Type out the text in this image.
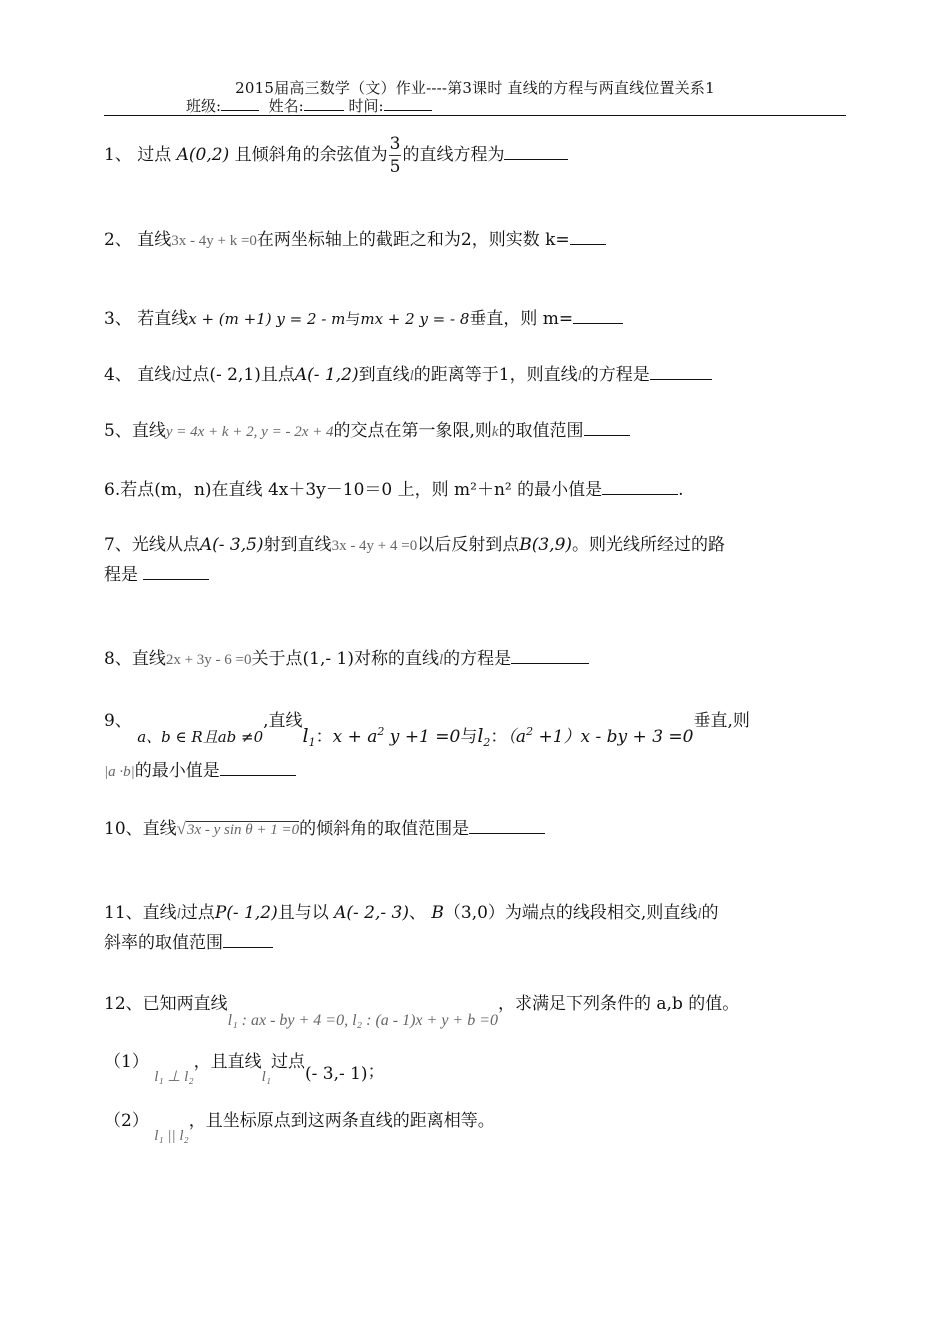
2015届高三数学（文）作业----第3课时 直线的方程与两直线位置关系1
班级:	姓名:	时间:
1、 过点 A(0,2) 且倾斜角的余弦值为 $\frac{3}{5}$ 的直线方程为
2、 直线3x - 4y + k =0在两坐标轴上的截距之和为2，则实数 k=
3、 若直线x + (m +1) y = 2 - m与mx + 2 y = - 8垂直，则 m=
4、 直线l过点(- 2,1)且点A(- 1,2)到直线l的距离等于1，则直线l的方程是
5、直线y = 4x + k + 2, y = - 2x + 4的交点在第一象限,则k的取值范围
6.若点(m，n)在直线 4x＋3y－10＝0 上，则 m²＋n² 的最小值是	.
7、光线从点A(- 3,5)射到直线3x - 4y + 4 =0以后反射到点B(3,9)。则光线所经过的路
程是
8、直线2x + 3y - 6 =0关于点(1,- 1)对称的直线l的方程是
9、 a、b ∈ R且ab ≠0,直线$l_1$：$x + a^2$ y +1 =0与$l_2$：$(a^2 +1)x$ - by + 3 =0垂直,则
|a ·b|的最小值是
10、直线√3x - y sin θ + 1 =0的倾斜角的取值范围是
11、直线l过点P(- 1,2)且与以 A(- 2,- 3)、 B（3,0）为端点的线段相交,则直线l的
斜率的取值范围
12、已知两直线l₁ : ax - by + 4 =0, l₂ : (a - 1)x + y + b =0，求满足下列条件的 a,b 的值。
（1） l₁ ⊥ l₂，且直线l₁过点(- 3,- 1)；
（2） l₁ || l₂，且坐标原点到这两条直线的距离相等。
